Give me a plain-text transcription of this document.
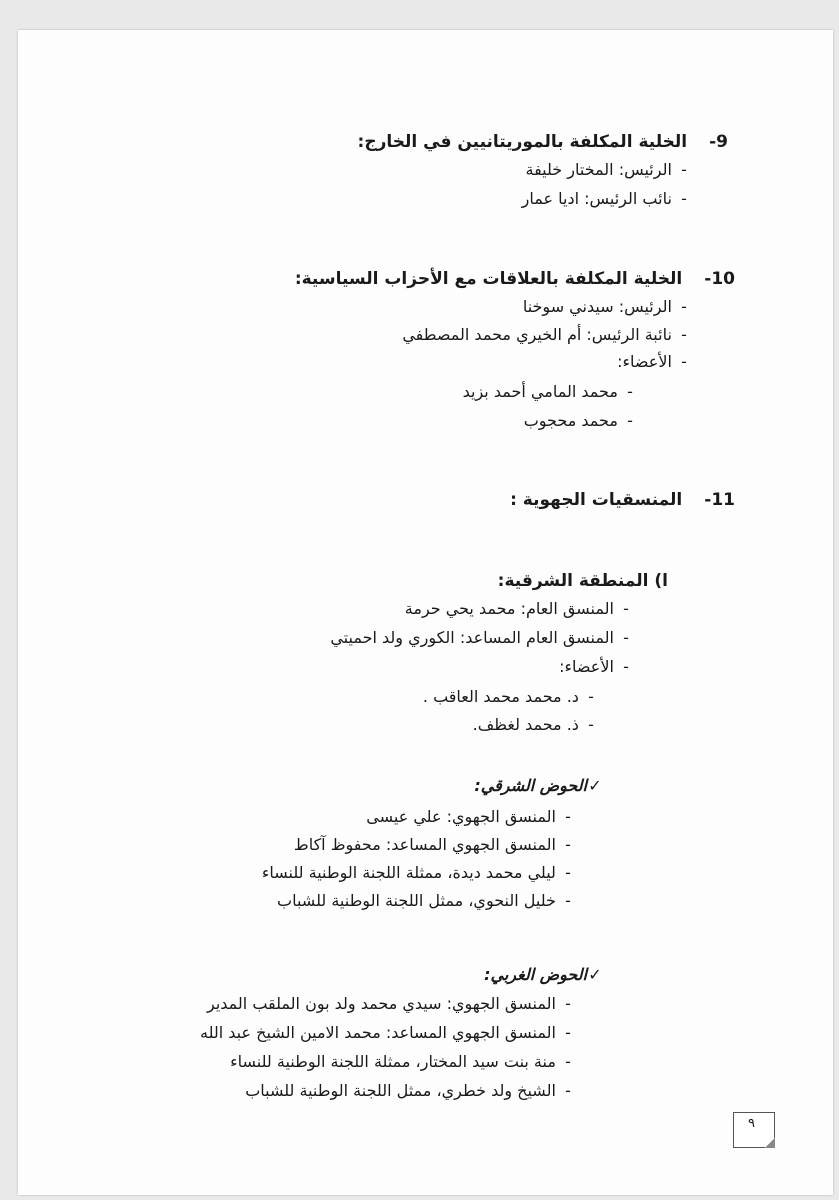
9-الخلية المكلفة بالموريتانيين في الخارج:
- الرئيس: المختار خليفة
- نائب الرئيس: اديا عمار
10-الخلية المكلفة بالعلاقات مع الأحزاب السياسية:
- الرئيس: سيدني سوخنا
- نائبة الرئيس: أم الخيري محمد المصطفي
- الأعضاء:
- محمد المامي أحمد بزيد
- محمد محجوب
11-المنسقيات الجهوية :
ا) المنطقة الشرقية:
- المنسق العام: محمد يحي حرمة
- المنسق العام المساعد: الكوري ولد احميتي
- الأعضاء:
- د. محمد محمد العاقب .
- ذ. محمد لغظف.
✓الحوض الشرقي:
- المنسق الجهوي: علي عيسى
- المنسق الجهوي المساعد: محفوظ آكاط
- ليلي محمد ديدة، ممثلة اللجنة الوطنية للنساء
- خليل النحوي، ممثل اللجنة الوطنية للشباب
✓الحوض الغربي:
- المنسق الجهوي: سيدي محمد ولد بون الملقب المدير
- المنسق الجهوي المساعد: محمد الامين الشيخ عبد الله
- منة بنت سيد المختار، ممثلة اللجنة الوطنية للنساء
- الشيخ ولد خطري، ممثل اللجنة الوطنية للشباب
٩
